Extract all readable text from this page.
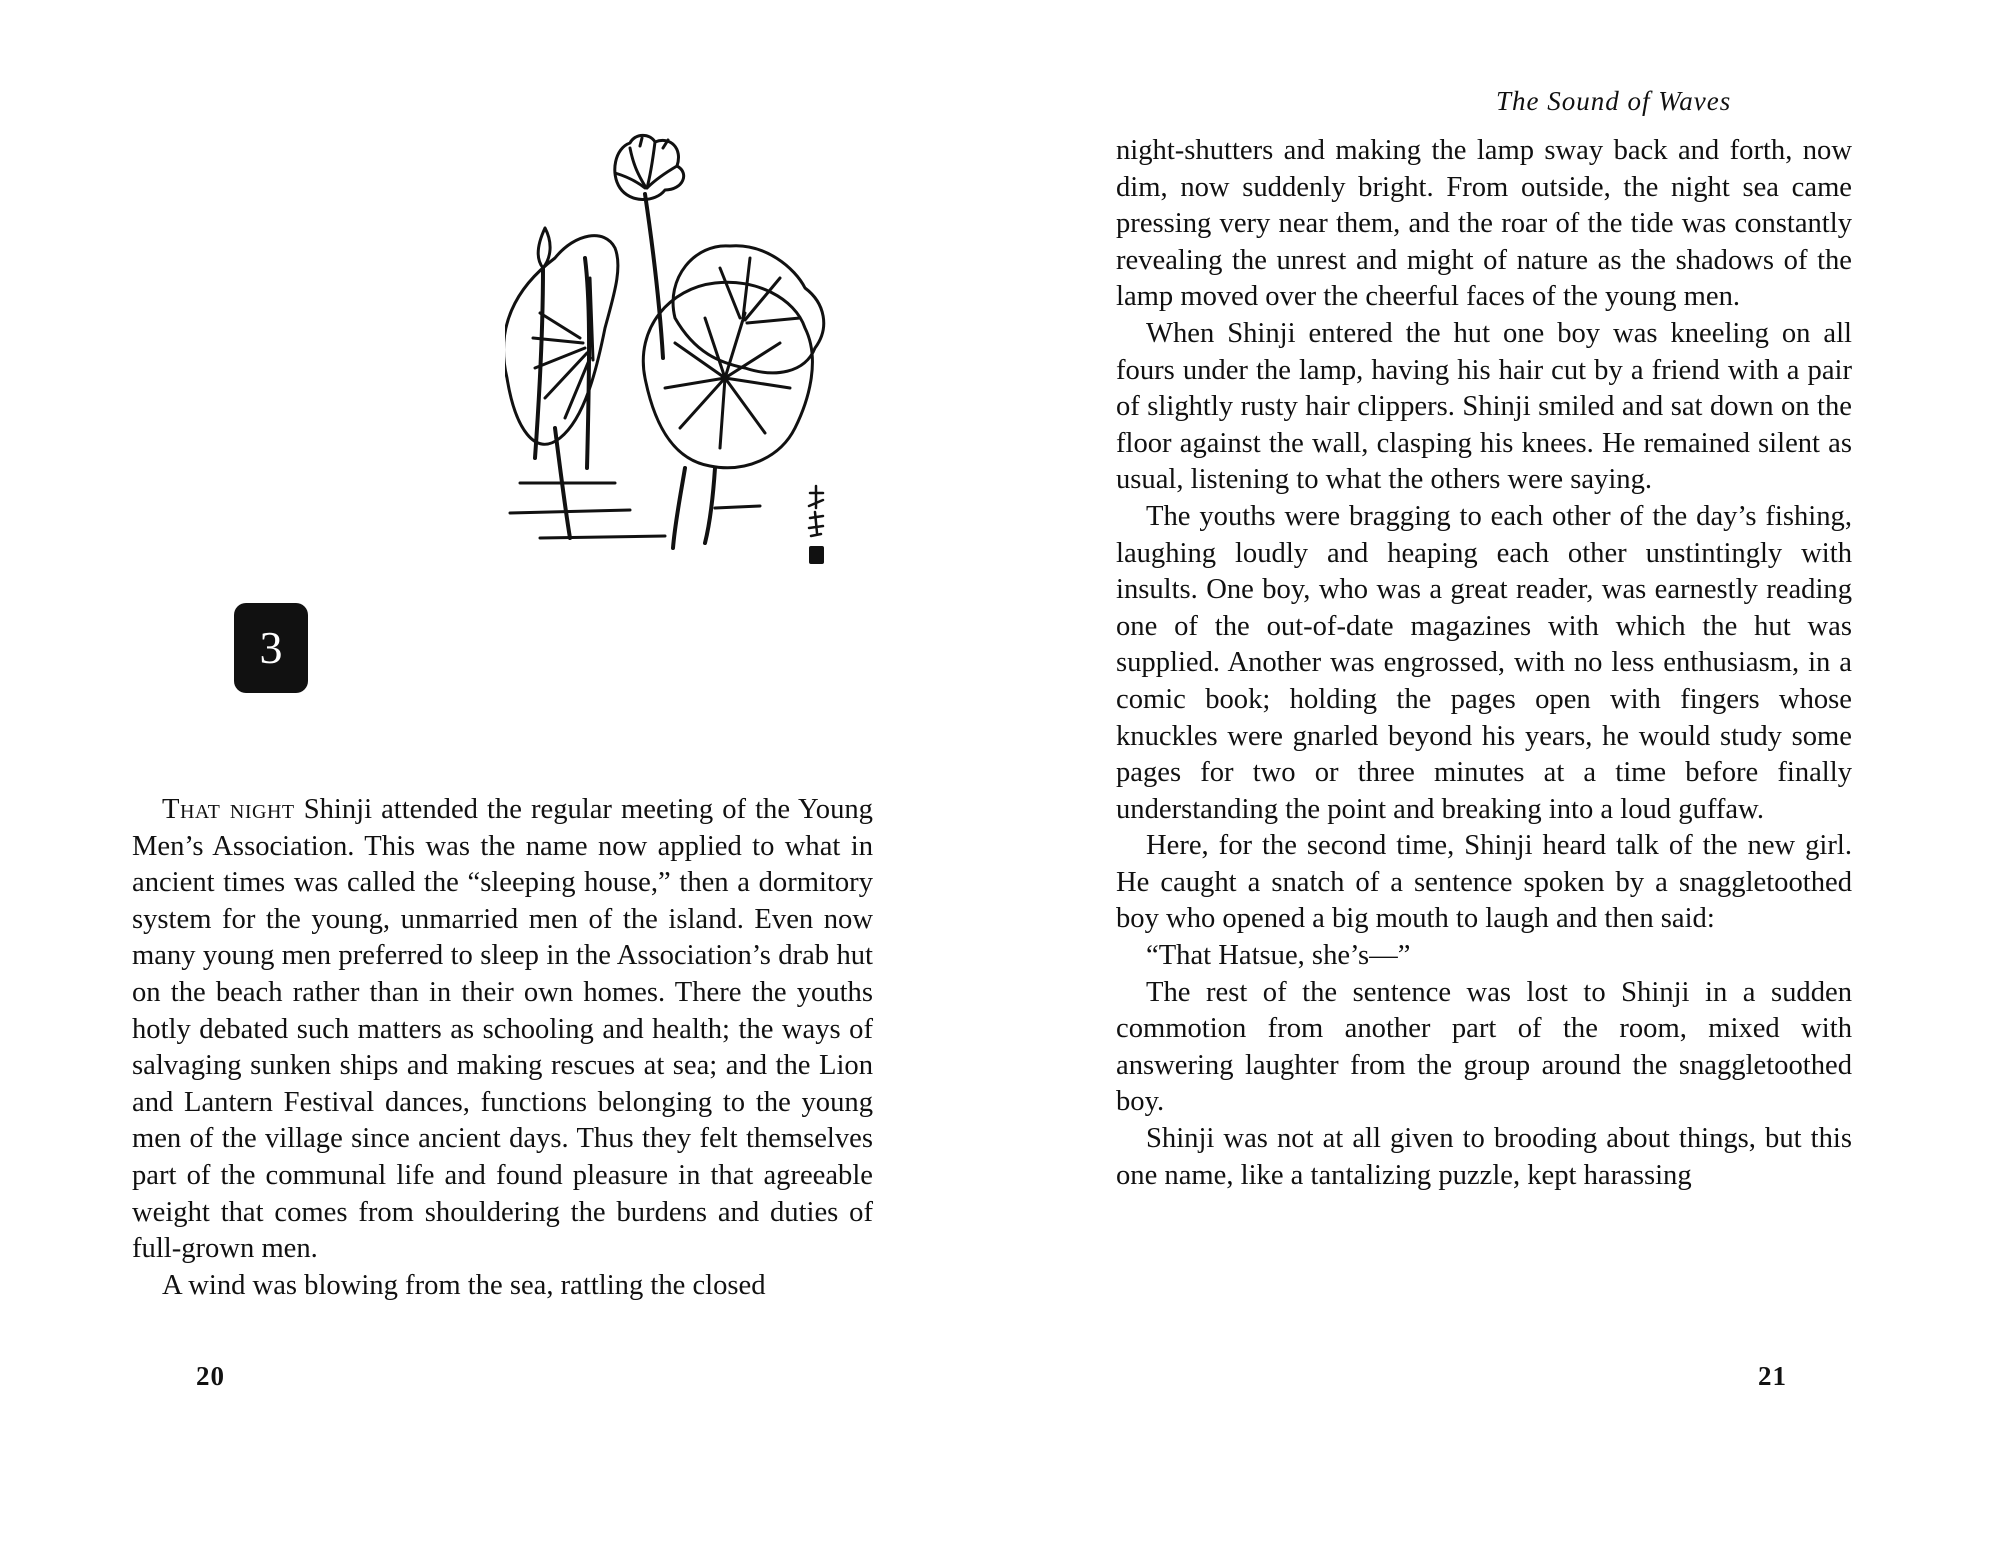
3

That night Shinji attended the regular meeting of the Young Men’s Association. This was the name now applied to what in ancient times was called the “sleeping house,” then a dormitory system for the young, unmarried men of the island. Even now many young men preferred to sleep in the Association’s drab hut on the beach rather than in their own homes. There the youths hotly debated such matters as schooling and health; the ways of salvaging sunken ships and making rescues at sea; and the Lion and Lantern Festival dances, functions belonging to the young men of the village since ancient days. Thus they felt themselves part of the communal life and found pleasure in that agreeable weight that comes from shouldering the burdens and duties of full-grown men.

A wind was blowing from the sea, rattling the closed

20

The Sound of Waves

night-shutters and making the lamp sway back and forth, now dim, now suddenly bright. From outside, the night sea came pressing very near them, and the roar of the tide was constantly revealing the unrest and might of nature as the shadows of the lamp moved over the cheerful faces of the young men.

When Shinji entered the hut one boy was kneeling on all fours under the lamp, having his hair cut by a friend with a pair of slightly rusty hair clippers. Shinji smiled and sat down on the floor against the wall, clasping his knees. He remained silent as usual, listening to what the others were saying.

The youths were bragging to each other of the day’s fishing, laughing loudly and heaping each other unstintingly with insults. One boy, who was a great reader, was earnestly reading one of the out-of-date magazines with which the hut was supplied. Another was engrossed, with no less enthusiasm, in a comic book; holding the pages open with fingers whose knuckles were gnarled beyond his years, he would study some pages for two or three minutes at a time before finally understanding the point and breaking into a loud guffaw.

Here, for the second time, Shinji heard talk of the new girl. He caught a snatch of a sentence spoken by a snaggletoothed boy who opened a big mouth to laugh and then said:

“That Hatsue, she’s—”

The rest of the sentence was lost to Shinji in a sudden commotion from another part of the room, mixed with answering laughter from the group around the snaggletoothed boy.

Shinji was not at all given to brooding about things, but this one name, like a tantalizing puzzle, kept harassing

21
